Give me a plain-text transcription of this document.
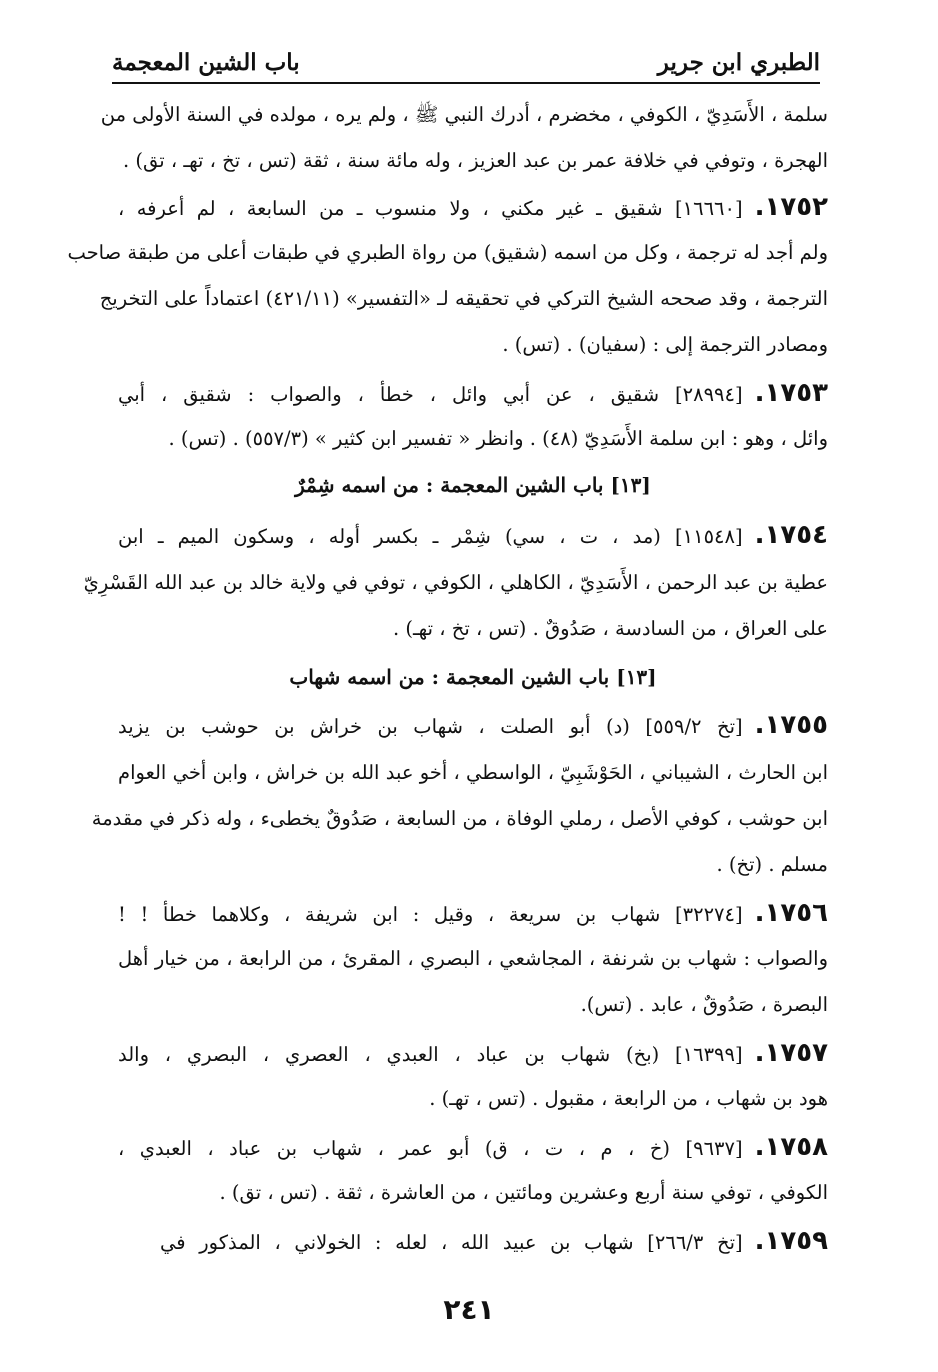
الطبري ابن جرير
باب الشين المعجمة
سلمة ، الأَسَدِيّ ، الكوفي ، مخضرم ، أدرك النبي ﷺ ، ولم يره ، مولده في السنة الأولى من
الهجرة ، وتوفي في خلافة عمر بن عبد العزيز ، وله مائة سنة ، ثقة (تس ، تخ ، تهـ ، تق) .
١٧٥٢.[١٦٦٦٠] شقيق ـ غير مكني ، ولا منسوب ـ من السابعة ، لم أعرفه ،
ولم أجد له ترجمة ، وكل من اسمه (شقيق) من رواة الطبري في طبقات أعلى من طبقة صاحب
الترجمة ، وقد صححه الشيخ التركي في تحقيقه لـ «التفسير» (٤٢١/١١) اعتماداً على التخريج
ومصادر الترجمة إلى : (سفيان) . (تس) .
١٧٥٣.[٢٨٩٩٤] شقيق ، عن أبي وائل ، خطأ ، والصواب : شقيق ، أبي
وائل ، وهو : ابن سلمة الأَسَدِيّ (٤٨) . وانظر « تفسير ابن كثير » (٥٥٧/٣) . (تس) .
[١٣] باب الشين المعجمة : من اسمه شِمْرٌ
١٧٥٤.[١١٥٤٨] (مد ، ت ، سي) شِمْر ـ بكسر أوله ، وسكون الميم ـ ابن
عطية بن عبد الرحمن ، الأَسَدِيّ ، الكاهلي ، الكوفي ، توفي في ولاية خالد بن عبد الله القَسْرِيّ
على العراق ، من السادسة ، صَدُوقٌ . (تس ، تخ ، تهـ) .
[١٣] باب الشين المعجمة : من اسمه شهاب
١٧٥٥.[تخ ٥٥٩/٢] (د) أبو الصلت ، شهاب بن خراش بن حوشب بن يزيد
ابن الحارث ، الشيباني ، الحَوْشَبِيّ ، الواسطي ، أخو عبد الله بن خراش ، وابن أخي العوام
ابن حوشب ، كوفي الأصل ، رملي الوفاة ، من السابعة ، صَدُوقٌ يخطىء ، وله ذكر في مقدمة
مسلم . (تخ) .
١٧٥٦.[٣٢٢٧٤] شهاب بن سريعة ، وقيل : ابن شريفة ، وكلاهما خطأ ! !
والصواب : شهاب بن شرنفة ، المجاشعي ، البصري ، المقرئ ، من الرابعة ، من خيار أهل
البصرة ، صَدُوقٌ ، عابد . (تس).
١٧٥٧.[١٦٣٩٩] (بخ) شهاب بن عباد ، العبدي ، العصري ، البصري ، والد
هود بن شهاب ، من الرابعة ، مقبول . (تس ، تهـ) .
١٧٥٨.[٩٦٣٧] (خ ، م ، ت ، ق) أبو عمر ، شهاب بن عباد ، العبدي ،
الكوفي ، توفي سنة أربع وعشرين ومائتين ، من العاشرة ، ثقة . (تس ، تق) .
١٧٥٩.[تخ ٢٦٦/٣] شهاب بن عبيد الله ، لعله : الخولاني ، المذكور في
٢٤١
